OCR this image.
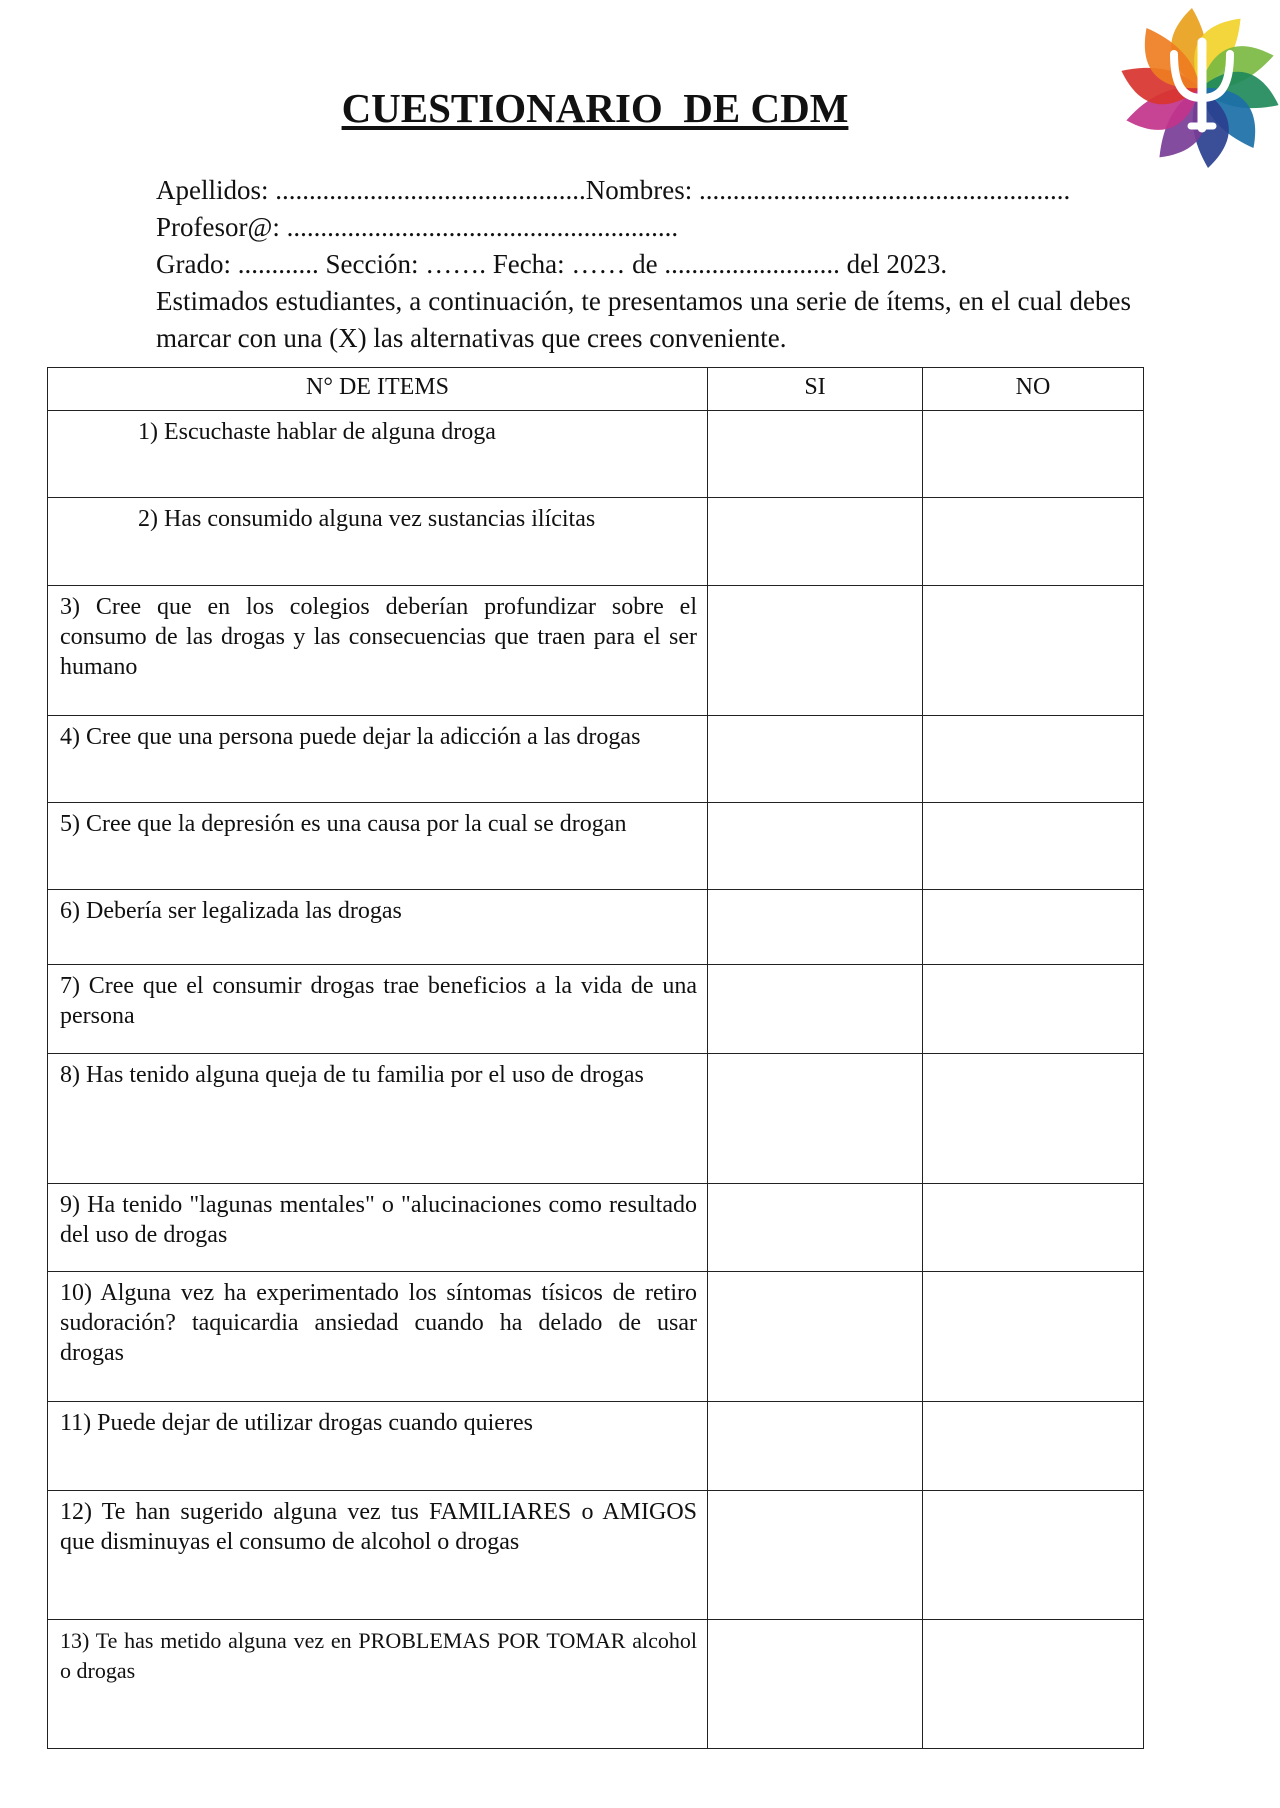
CUESTIONARIO  DE CDM
Apellidos: ..............................................Nombres: .......................................................
Profesor@: ..........................................................
Grado: ............ Sección: ……. Fecha: …… de .......................... del 2023.
Estimados estudiantes, a continuación, te presentamos una serie de ítems, en el cual debes marcar con una (X) las alternativas que crees conveniente.
N° DE ITEMS	SI	NO
1) Escuchaste hablar de alguna droga		
2) Has consumido alguna vez sustancias ilícitas		
3) Cree que en los colegios deberían profundizar sobre el consumo de las drogas y las consecuencias que traen para el ser humano		
4) Cree que una persona puede dejar la adicción a las drogas		
5) Cree que la depresión es una causa por la cual se drogan		
6) Debería ser legalizada las drogas		
7) Cree que el consumir drogas trae beneficios a la vida de una persona		
8) Has tenido alguna queja de tu familia por el uso de drogas		
9) Ha tenido "lagunas mentales" o "alucinaciones como resultado del uso de drogas		
10) Alguna vez ha experimentado los síntomas tísicos de retiro sudoración? taquicardia ansiedad cuando ha delado de usar drogas		
11) Puede dejar de utilizar drogas cuando quieres		
12) Te han sugerido alguna vez tus FAMILIARES o AMIGOS que disminuyas el consumo de alcohol o drogas		
13) Te has metido alguna vez en PROBLEMAS POR TOMAR alcohol o drogas		
